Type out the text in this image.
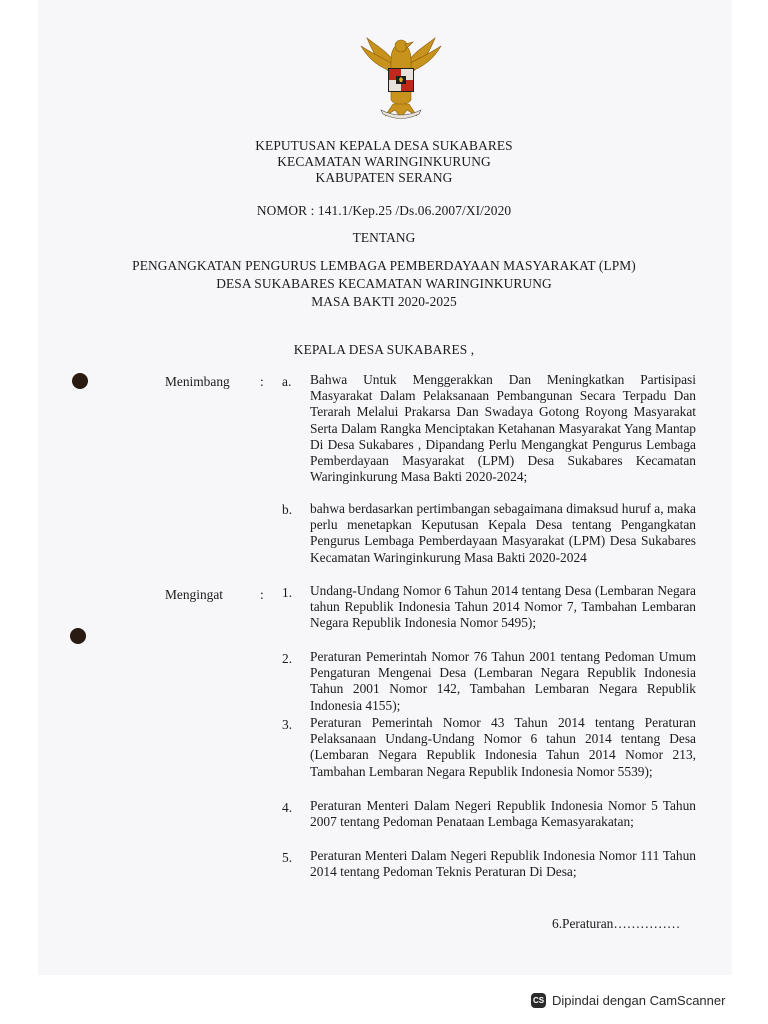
KEPUTUSAN KEPALA DESA SUKABARES
KECAMATAN WARINGINKURUNG
KABUPATEN SERANG
NOMOR : 141.1/Kep.25 /Ds.06.2007/XI/2020
TENTANG
PENGANGKATAN PENGURUS LEMBAGA PEMBERDAYAAN MASYARAKAT (LPM)
DESA SUKABARES KECAMATAN WARINGINKURUNG
MASA BAKTI 2020-2025
KEPALA DESA SUKABARES ,
Menimbang : a. Bahwa Untuk Menggerakkan Dan Meningkatkan Partisipasi Masyarakat Dalam Pelaksanaan Pembangunan Secara Terpadu Dan Terarah Melalui Prakarsa Dan Swadaya Gotong Royong Masyarakat Serta Dalam Rangka Menciptakan Ketahanan Masyarakat Yang Mantap Di Desa Sukabares , Dipandang Perlu Mengangkat Pengurus Lembaga Pemberdayaan Masyarakat (LPM) Desa Sukabares Kecamatan Waringinkurung Masa Bakti 2020-2024;
b. bahwa berdasarkan pertimbangan sebagaimana dimaksud huruf a, maka perlu menetapkan Keputusan Kepala Desa tentang Pengangkatan Pengurus Lembaga Pemberdayaan Masyarakat (LPM) Desa Sukabares Kecamatan Waringinkurung Masa Bakti 2020-2024
Mengingat	: 1. Undang-Undang Nomor 6 Tahun 2014 tentang Desa (Lembaran Negara tahun Republik Indonesia Tahun 2014 Nomor 7, Tambahan Lembaran Negara Republik Indonesia Nomor 5495);
2. Peraturan Pemerintah Nomor 76 Tahun 2001 tentang Pedoman Umum Pengaturan Mengenai Desa (Lembaran Negara Republik Indonesia Tahun 2001 Nomor 142, Tambahan Lembaran Negara Republik Indonesia 4155);
3. Peraturan Pemerintah Nomor 43 Tahun 2014 tentang Peraturan Pelaksanaan Undang-Undang Nomor 6 tahun 2014 tentang Desa (Lembaran Negara Republik Indonesia Tahun 2014 Nomor 213, Tambahan Lembaran Negara Republik Indonesia Nomor 5539);
4. Peraturan Menteri Dalam Negeri Republik Indonesia Nomor 5 Tahun 2007 tentang Pedoman Penataan Lembaga Kemasyarakatan;
5. Peraturan Menteri Dalam Negeri Republik Indonesia Nomor 111 Tahun 2014 tentang Pedoman Teknis Peraturan Di Desa;
6.Peraturan……………
CS Dipindai dengan CamScanner
